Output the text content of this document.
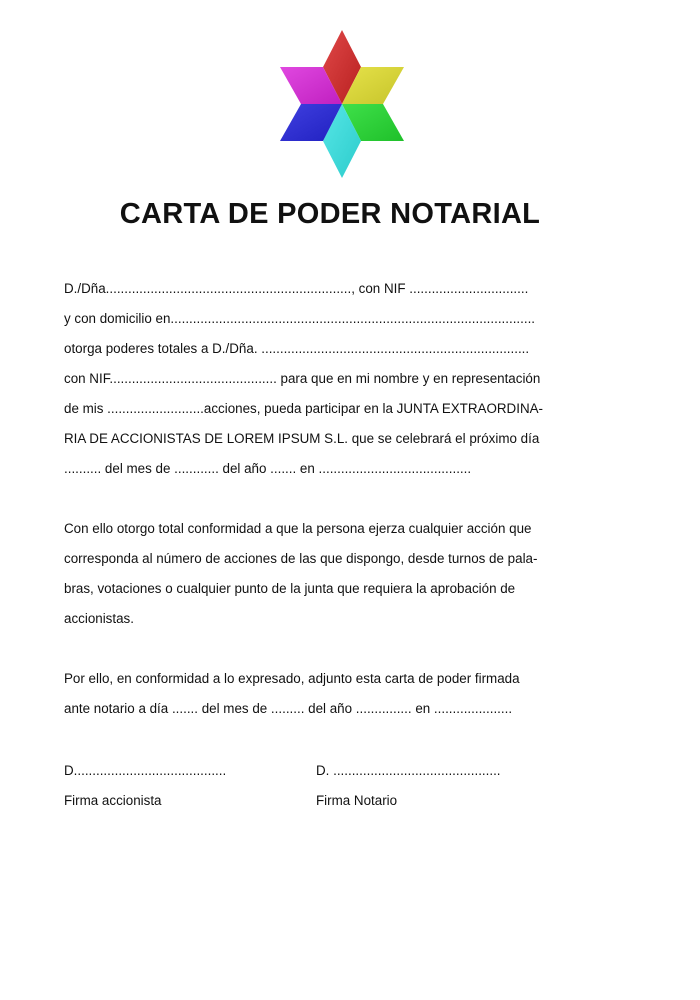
CARTA DE PODER NOTARIAL
D./Dña.................................................................., con NIF ................................
y con domicilio en..................................................................................................
otorga poderes totales a D./Dña. ........................................................................
con NIF............................................. para que en mi nombre y en representación
de mis ..........................acciones, pueda participar en la JUNTA EXTRAORDINA-
RIA DE ACCIONISTAS DE LOREM IPSUM S.L. que se celebrará el próximo día
.......... del mes de ............ del año ....... en .........................................
Con ello otorgo total conformidad a que la persona ejerza cualquier acción que
corresponda al número de acciones de las que dispongo, desde turnos de pala-
bras, votaciones o cualquier punto de la junta que requiera la aprobación de
accionistas.
Por ello, en conformidad a lo expresado, adjunto esta carta de poder firmada
ante notario a día ....... del mes de ......... del año ............... en .....................
D.........................................
Firma accionista
D. .............................................
Firma Notario
